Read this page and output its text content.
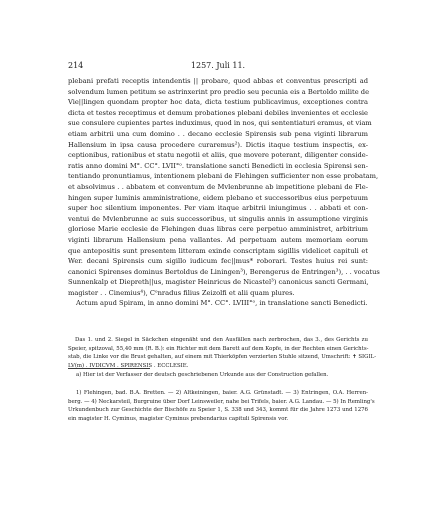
214	1257. Juli 11.
plebani prefati receptis intendentis || probare, quod abbas et conventus prescripti ad
solvendum lumen petitum se astrinxerint pro predio seu pecunia eis a Bertoldo milite de
Vie||lingen quondam propter hoc data, dicta testium publicavimus, exceptiones contra
dicta et testes receptimus et demum probationes plebani debiles invenientes et ecclesie
sue consulere cupientes partes induximus, quod in nos, qui sententiaturi eramus, et viam
etiam arbitrii una cum domino . . decano ecclesie Spirensis sub pena viginti librarum
Hallensium in ipsa causa procedere curaremus²). Dictis itaque testium inspectis, ex-
ceptionibus, rationibus et statu negotii et aliis, que movere poterant, diligenter conside-
ratis anno domini M°. CC°. LVII°ᵒ. translatione sancti Benedicti in ecclesia Spirensi sen-
tentiando pronuntiamus, intentionem plebani de Flehingen sufficienter non esse probatam,
et absolvimus . . abbatem et conventum de Mvlenbrunne ab impetitione plebani de Fle-
hingen super luminis amministratione, eidem plebano et successoribus eius perpetuum
super hoc silentium imponentes. Per viam itaque arbitrii iniungimus . . abbati et con-
ventui de Mvlenbrunne ac suis successoribus, ut singulis annis in assumptione virginis
gloriose Marie ecclesie de Flehingen duas libras cere perpetuo amministret, arbitrium
viginti librarum Hallensium pena vallantes. Ad perpetuam autem memoriam eorum
que antepositis sunt presentem litteram exinde conscriptam sigillis videlicet capituli et
Wer. decani Spirensis cum sigillo iudicum fec||mus* roborari. Testes huius rei sunt:
canonici Spirenses dominus Bertoldus de Liningen³), Berengerus de Entringen³), . . vocatus
Sunnenkalp et Diepreth||us, magister Heinricus de Nicastel³) canonicus sancti Germani,
magister . . Cinemius⁴), Cᵒnradus filius Zeizolfi et alii quam plures.
Actum apud Spiram, in anno domini M°. CC°. LVIII°ᵒ, in translatione sancti Benedicti.
Das 1. und 2. Siegel in Säckchen eingenäht und den Ausfällen nach zerbrochen, das 3., des Gerichts zu
Speier, spitzoval, 55,40 mm (R. B.): ein Richter mit dem Barett auf dem Kopfe, in der Rechten einen Gerichts-
stab, die Linke vor die Brust gehalten, auf einem mit Thierköpfen verzierten Stuhle sitzend, Umschrift: ✝ SIGIL-
LV(m) . IVDICVM . SPIRENSIS . ECCLESIE.
a) Hier ist der Verfasser der deutsch geschriebenen Urkunde aus der Construction gefallen.
1) Flehingen, bad. B.A. Bretten. — 2) Altkeiningen, baier. A.G. Grünstadt. — 3) Entringen, O.A. Herren-
berg. — 4) Neckarsteil, Burgruine über Dorf Leinsweiler, nahe bei Trifels, baier. A.G. Landau. — 5) In Remling's
Urkundenbuch zur Geschichte der Bischöfe zu Speier 1, S. 338 und 343, kommt für die Jahre 1273 und 1276
ein magister H. Cyminus, magister Cyminus prebendarius capituli Spirensis vor.
